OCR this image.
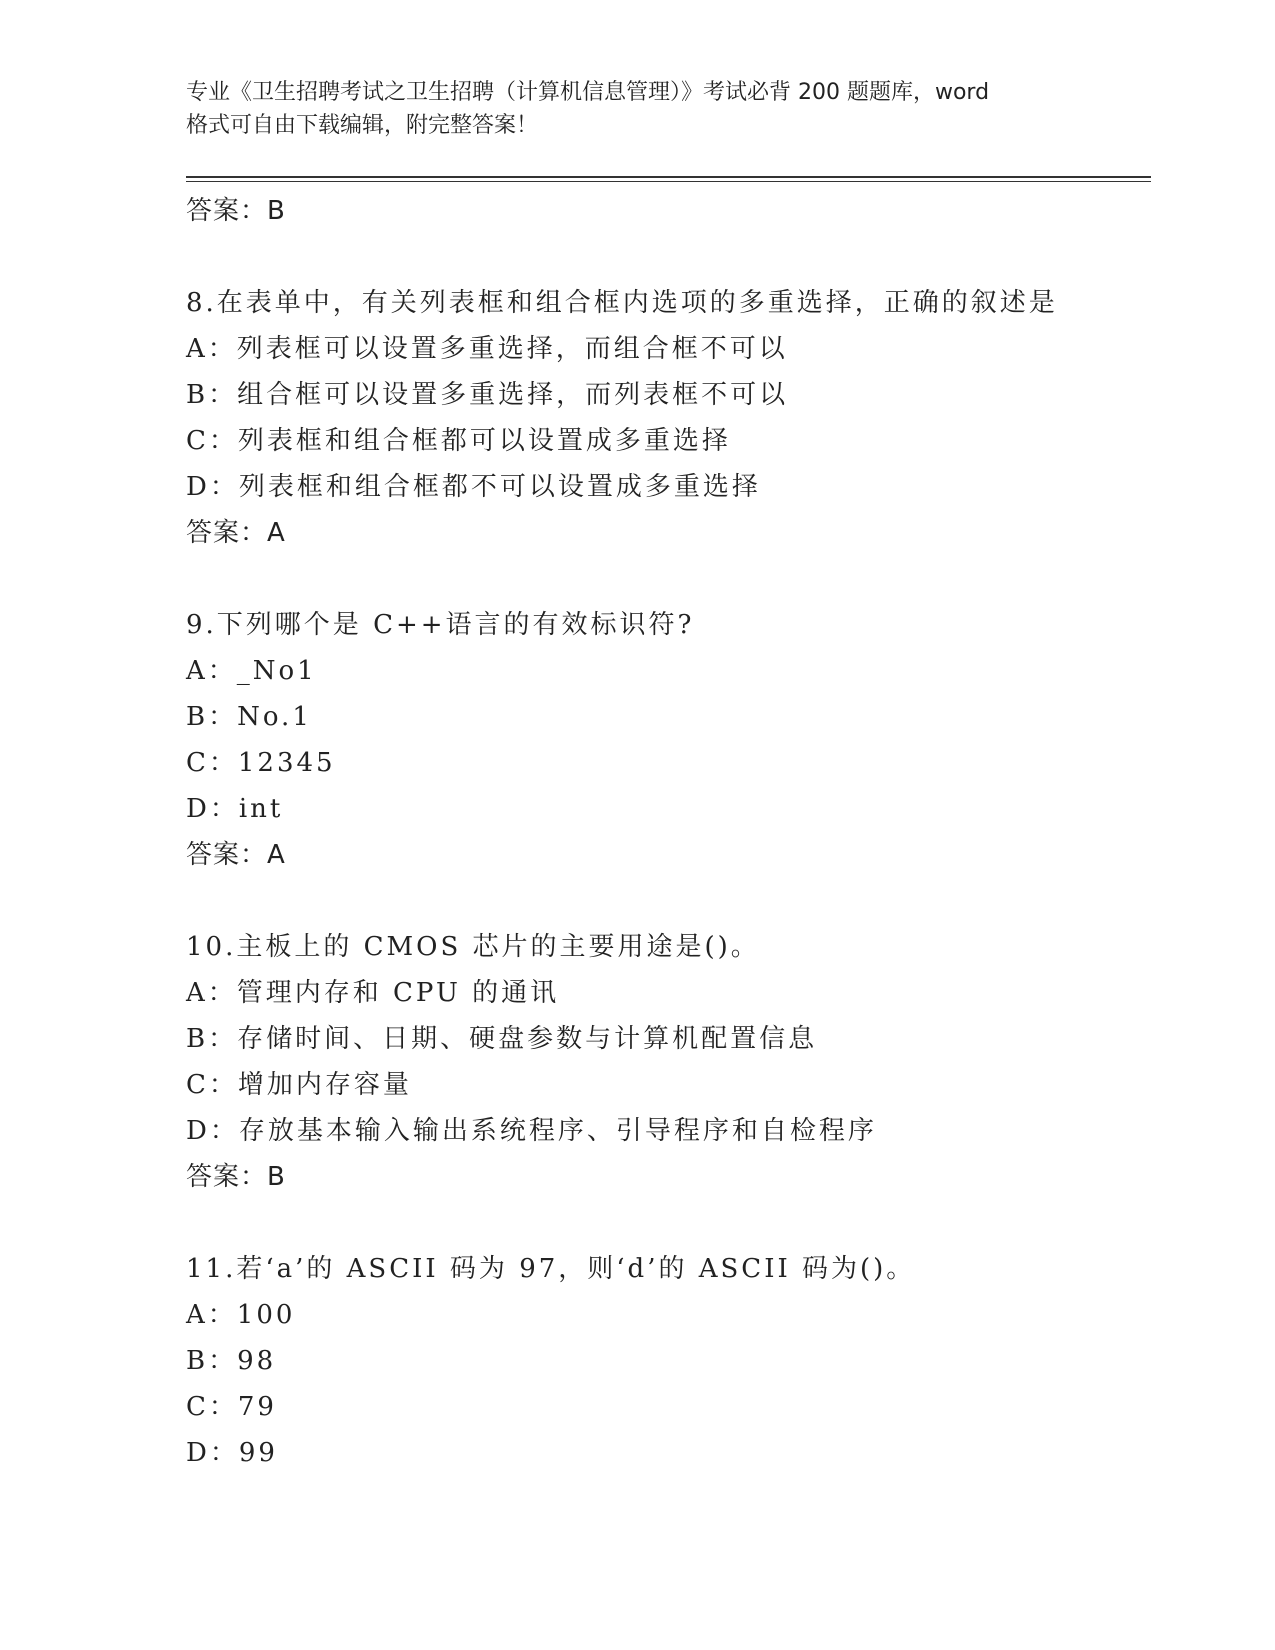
专业《卫生招聘考试之卫生招聘（计算机信息管理）》考试必背 200 题题库，word
格式可自由下载编辑，附完整答案！
答案：B
8.在表单中，有关列表框和组合框内选项的多重选择，正确的叙述是
A：列表框可以设置多重选择，而组合框不可以
B：组合框可以设置多重选择，而列表框不可以
C：列表框和组合框都可以设置成多重选择
D：列表框和组合框都不可以设置成多重选择
答案：A
9.下列哪个是 C++语言的有效标识符?
A：_No1
B：No.1
C：12345
D：int
答案：A
10.主板上的 CMOS 芯片的主要用途是()。
A：管理内存和 CPU 的通讯
B：存储时间、日期、硬盘参数与计算机配置信息
C：增加内存容量
D：存放基本输入输出系统程序、引导程序和自检程序
答案：B
11.若‘a’的 ASCII 码为 97，则‘d’的 ASCII 码为()。
A：100
B：98
C：79
D：99
